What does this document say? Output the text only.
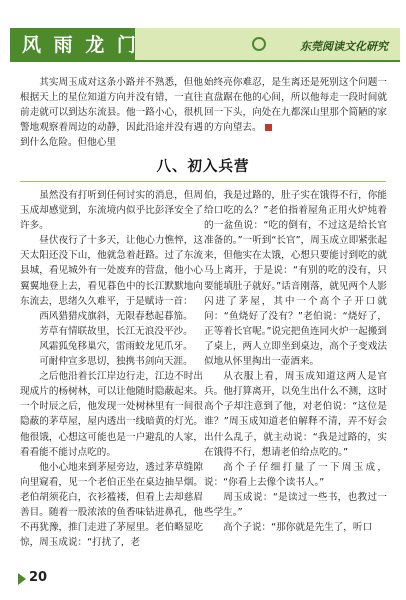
风 雨 龙 门	东莞阅读文化研究

其实周玉成对这条小路并不熟悉，但他根据天上的星位知道方向并没有错，一直往前走就可以到达东流县。他一路小心，很机警地观察着周边的动静，因此沿途并没有遇到什么危险。但他心里

始终亮你难忍，是生离还是死别这个问题一直盘踞在他的心间，所以他每走一段时间就回一下头，向处在九都深山里那个简陋的家的方向望去。

八、初入兵营

虽然没有打听到任何讨实的消息，但周玉成却感觉到，东流境内似乎比彭泽安全了许多。

昼伏夜行了十多天，让他心力憔悴，这天太阳还没下山，他就急着赶路。过了东流县城，看见城外有一处废弃的营盘，他小心翼翼地登上去，看见暮色中的长江默默地向东流去，思绪久久难平，于是赋诗一首：

西风猎猎戍旗斜，无限春愁起暮笳。
芳草有情联故里，长江无浪没平沙。
风霜狐兔移巢穴，雷雨蛟龙见爪牙。
可耐仲宣多思切，独携书剑向天涯。

之后他沿着长江岸边行走，江边不时出现成片的杨树林，可以让他随时隐蔽起来。一个时辰之后，他发现一处树林里有一间很隐蔽的茅草屋，屋内透出一线暗黄的灯光。他很饿，心想这可能也是一户避乱的人家，看看能不能讨点吃的。

他小心地来到茅屋旁边，透过茅草缝隙向里窥看，见一个老伯正坐在桌边抽旱烟。老伯胡须花白，衣衫褴褛，但看上去却慈眉善目。随着一股浓浓的鱼香味钻进鼻孔，他不再犹豫，推门走进了茅屋里。老伯略显吃惊，周玉成说：“打扰了，老

伯，我是过路的，肚子实在饿得不行，你能给口吃的么？”老伯指着屋角正用火炉炖着的一盆鱼说：“吃的倒有，不过这是给长官准备的。”一听到“长官”，周玉成立即紧张起来，但他实在太饿，心想只要能讨到吃的就马上离开，于是说：“有别的吃的没有，只要能填肚子就好。”话音刚落，就见两个人影闪进了茅屋，其中一个高个子开口就问：“鱼烧好了没有？”老伯说：“烧好了，正等着长官呢。”说完把鱼连同火炉一起搬到了桌上，两人立即坐到桌边，高个子变戏法似地从怀里掏出一壶酒来。

从衣服上看，周玉成知道这两人是官兵。他打算离开，以免生出什么不测，这时高个子却注意到了他，对老伯说：“这位是谁？”周玉成知道老伯解释不清，弄不好会出什么乱子，就主动说：“我是过路的，实在饿得不行，想请老伯给点吃的。”

高个子仔细打量了一下周玉成，说：“你看上去像个读书人。”

周玉成说：“是读过一些书，也教过一些学生。”

高个子说：“那你就是先生了，听口

20
